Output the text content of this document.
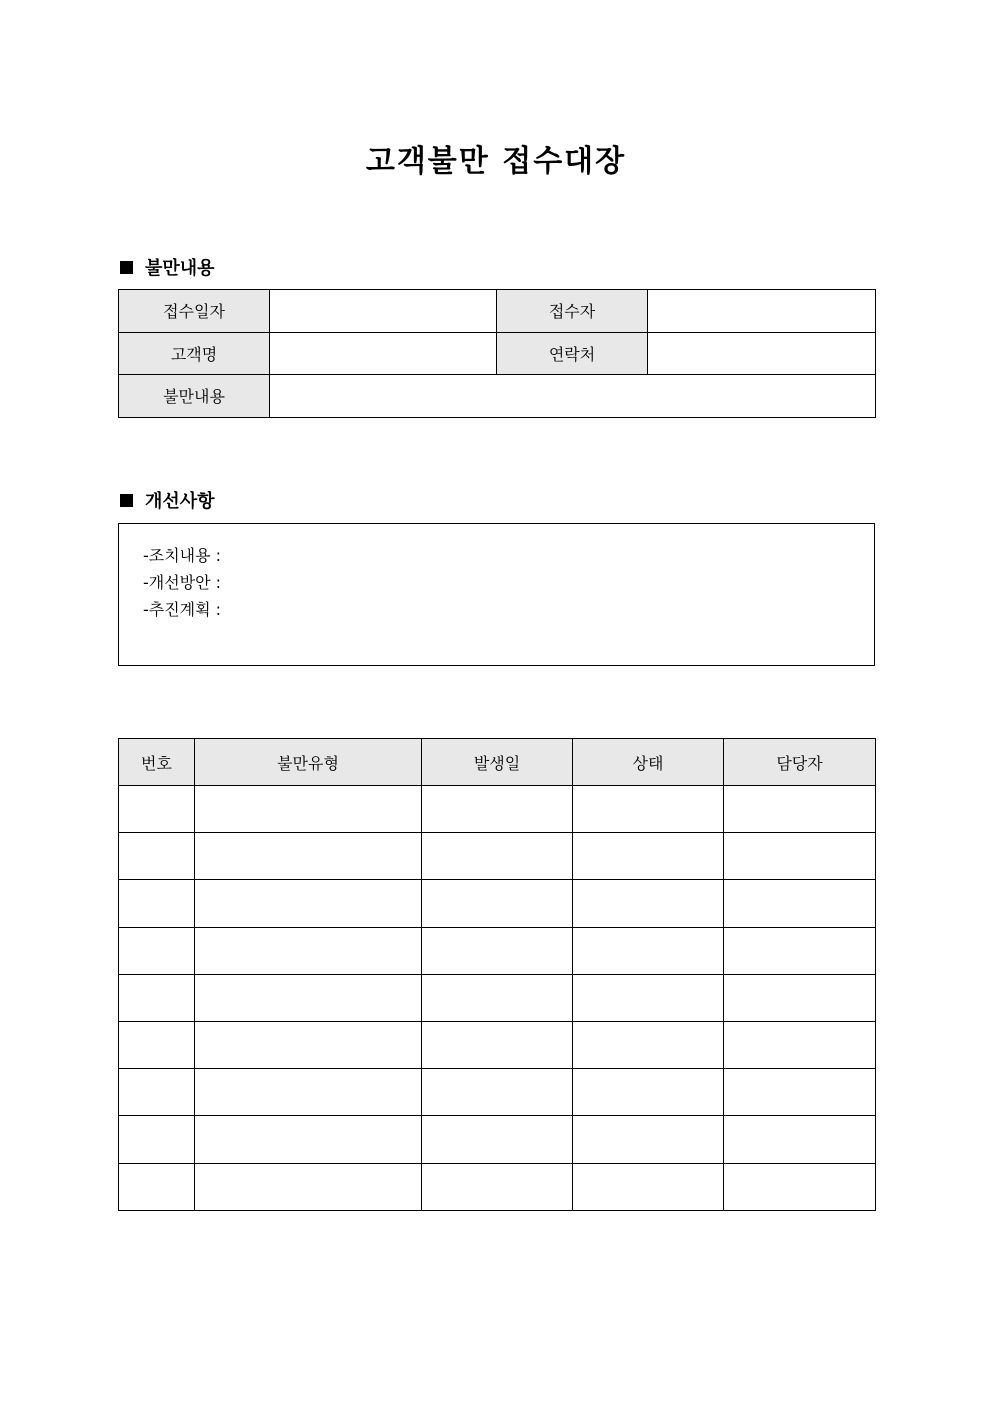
고객불만 접수대장
불만내용
접수일자		접수자	
고객명		연락처	
불만내용			
개선사항
-조치내용 :
-개선방안 :
-추진계획 :
번호	불만유형	발생일	상태	담당자
